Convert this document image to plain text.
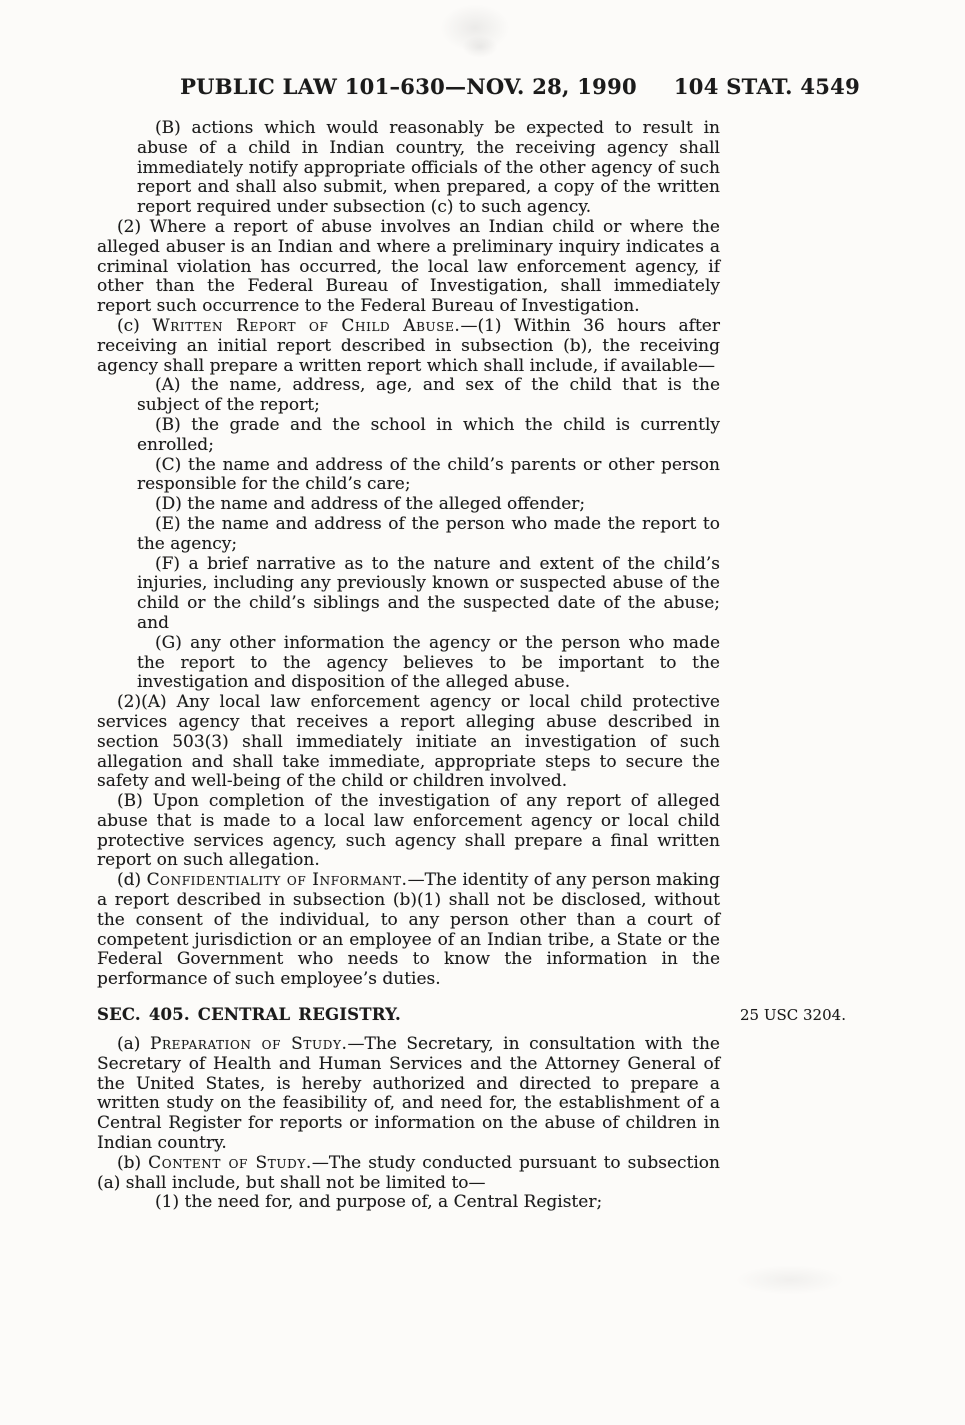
PUBLIC LAW 101–630—NOV. 28, 1990	104 STAT. 4549

(B) actions which would reasonably be expected to result in abuse of a child in Indian country, the receiving agency shall immediately notify appropriate officials of the other agency of such report and shall also submit, when prepared, a copy of the written report required under subsection (c) to such agency.

(2) Where a report of abuse involves an Indian child or where the alleged abuser is an Indian and where a preliminary inquiry indicates a criminal violation has occurred, the local law enforcement agency, if other than the Federal Bureau of Investigation, shall immediately report such occurrence to the Federal Bureau of Investigation.

(c) Written Report of Child Abuse.—(1) Within 36 hours after receiving an initial report described in subsection (b), the receiving agency shall prepare a written report which shall include, if available—

(A) the name, address, age, and sex of the child that is the subject of the report;

(B) the grade and the school in which the child is currently enrolled;

(C) the name and address of the child’s parents or other person responsible for the child’s care;

(D) the name and address of the alleged offender;

(E) the name and address of the person who made the report to the agency;

(F) a brief narrative as to the nature and extent of the child’s injuries, including any previously known or suspected abuse of the child or the child’s siblings and the suspected date of the abuse; and

(G) any other information the agency or the person who made the report to the agency believes to be important to the investigation and disposition of the alleged abuse.

(2)(A) Any local law enforcement agency or local child protective services agency that receives a report alleging abuse described in section 503(3) shall immediately initiate an investigation of such allegation and shall take immediate, appropriate steps to secure the safety and well-being of the child or children involved.

(B) Upon completion of the investigation of any report of alleged abuse that is made to a local law enforcement agency or local child protective services agency, such agency shall prepare a final written report on such allegation.

(d) Confidentiality of Informant.—The identity of any person making a report described in subsection (b)(1) shall not be disclosed, without the consent of the individual, to any person other than a court of competent jurisdiction or an employee of an Indian tribe, a State or the Federal Government who needs to know the information in the performance of such employee’s duties.

SEC. 405. CENTRAL REGISTRY.	25 USC 3204.

(a) Preparation of Study.—The Secretary, in consultation with the Secretary of Health and Human Services and the Attorney General of the United States, is hereby authorized and directed to prepare a written study on the feasibility of, and need for, the establishment of a Central Register for reports or information on the abuse of children in Indian country.

(b) Content of Study.—The study conducted pursuant to subsection (a) shall include, but shall not be limited to—

(1) the need for, and purpose of, a Central Register;
